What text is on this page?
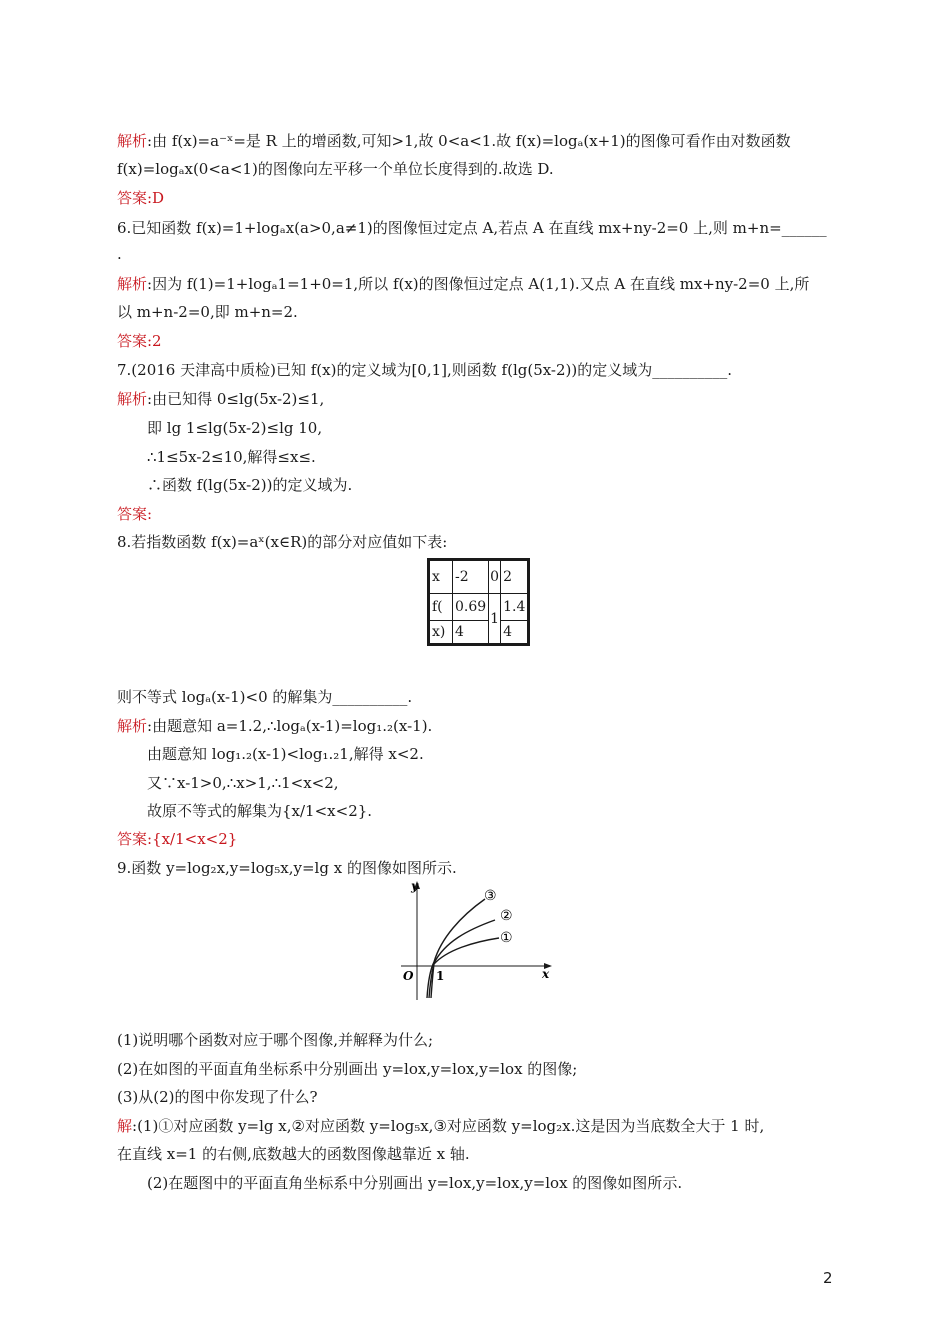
解析:由 f(x)=a⁻ˣ=是 R 上的增函数,可知>1,故 0<a<1.故 f(x)=logₐ(x+1)的图像可看作由对数函数
f(x)=logₐx(0<a<1)的图像向左平移一个单位长度得到的.故选 D.
答案:D
6.已知函数 f(x)=1+logₐx(a>0,a≠1)的图像恒过定点 A,若点 A 在直线 mx+ny-2=0 上,则 m+n=______
.
解析:因为 f(1)=1+logₐ1=1+0=1,所以 f(x)的图像恒过定点 A(1,1).又点 A 在直线 mx+ny-2=0 上,所
以 m+n-2=0,即 m+n=2.
答案:2
7.(2016 天津高中质检)已知 f(x)的定义域为[0,1],则函数 f(lg(5x-2))的定义域为__________.
解析:由已知得 0≤lg(5x-2)≤1,
即 lg 1≤lg(5x-2)≤lg 10,
∴1≤5x-2≤10,解得≤x≤.
∴函数 f(lg(5x-2))的定义域为.
答案:
8.若指数函数 f(x)=aˣ(x∈R)的部分对应值如下表:
x	-2	0	2
f(	0.69	1	1.4
x)	4		4
则不等式 logₐ(x-1)<0 的解集为__________.
解析:由题意知 a=1.2,∴logₐ(x-1)=log₁.₂(x-1).
由题意知 log₁.₂(x-1)<log₁.₂1,解得 x<2.
又∵x-1>0,∴x>1,∴1<x<2,
故原不等式的解集为{x/1<x<2}.
答案:{x/1<x<2}
9.函数 y=log₂x,y=log₅x,y=lg x 的图像如图所示.
y
x
O 1
③
②
①
(1)说明哪个函数对应于哪个图像,并解释为什么;
(2)在如图的平面直角坐标系中分别画出 y=lox,y=lox,y=lox 的图像;
(3)从(2)的图中你发现了什么?
解:(1)①对应函数 y=lg x,②对应函数 y=log₅x,③对应函数 y=log₂x.这是因为当底数全大于 1 时,
在直线 x=1 的右侧,底数越大的函数图像越靠近 x 轴.
(2)在题图中的平面直角坐标系中分别画出 y=lox,y=lox,y=lox 的图像如图所示.
2
